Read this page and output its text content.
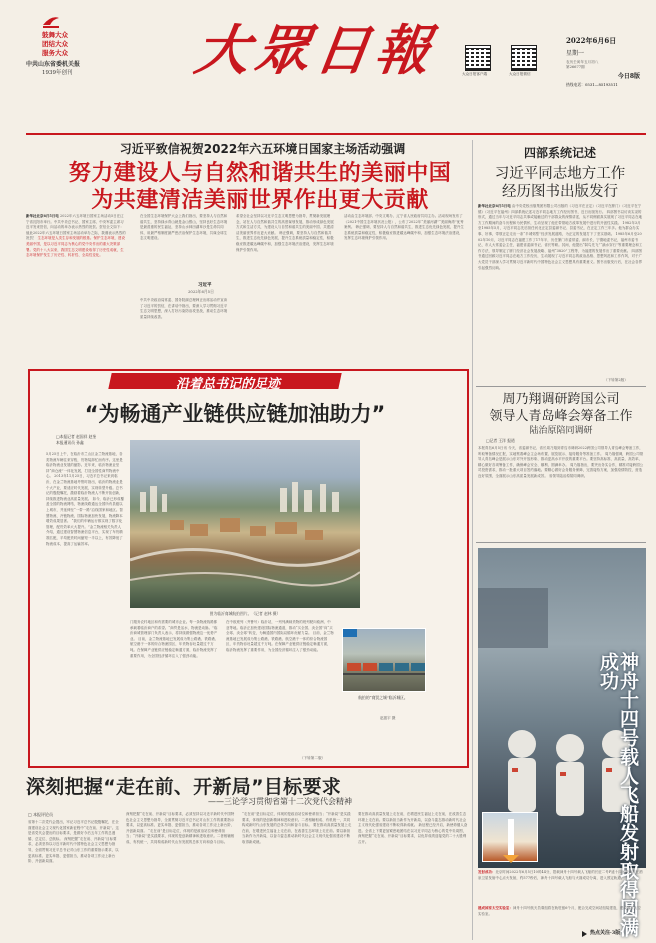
鼓舞大众
团结大众
服务大众
中共山东省委机关报
1939年创刊 大眾日報	大众日报客户端	大众日报微信
2022年6月6日
星期一
农历壬寅年五月初八
第26677期
今日8版
热线电话：0531—85193511
习近平致信祝贺2022年六五环境日国家主场活动强调
努力建设人与自然和谐共生的美丽中国
为共建清洁美丽世界作出更大贡献
新华社北京6月5日电 2022年六五环境日国家主场活动5日在辽宁省沈阳市举行。中共中央总书记、国家主席、中央军委主席习近平发来贺信，向活动的举办表示热烈的祝贺。贺信全文如下：值此2022年六五环境日国家主场活动举办之际，我谨表示热烈的祝贺！ 生态环境是人类生存和发展的根基。保护生态环境，建设美丽中国，是以习近平同志为核心的党中央作出的重大决策部署。党的十八大以来，我国生态文明建设取得了历史性成就，生态环境保护发生了历史性、转折性、全局性变化。
在全国生态环境保护大会上我们指出，要坚持人与自然和谐共生，坚持绿水青山就是金山银山，坚持良好生态环境是最普惠的民生福祉，坚持山水林田湖草沙是生命共同体，用最严格制度最严密法治保护生态环境，共谋全球生态文明建设。
习近平
2022年6月5日
中共中央政治局常委、国务院副总理韩正出席活动并宣读了习近平的贺信，在讲话中指出，要深入学习贯彻习近平生态文明思想，深入打好污染防治攻坚战，推动生态环境质量持续改善。
希望全社会坚持以习近平生态文明思想为指导，贯彻新发展理念，站在人与自然和谐共生的高度谋划发展，推动形成绿色发展方式和生活方式，为建设人与自然和谐共生的美丽中国、共建清洁美丽世界作出更大贡献。 韩正强调，要坚持人与自然和谐共生，推进生态优先绿色发展，提升生态系统质量和稳定性，积极稳妥推进碳达峰碳中和，加强生态环境法治建设，发挥生态环境保护引领作用。
活动由生态环境部、中央文明办、辽宁省人民政府共同主办。活动现场发布了《2021中国生态环境状况公报》，公布了2022年“美丽河湖”“美丽海湾”优秀案例。 韩正强调，要坚持人与自然和谐共生，推进生态优先绿色发展，提升生态系统质量和稳定性，积极稳妥推进碳达峰碳中和，加强生态环境法治建设，发挥生态环境保护引领作用。
四部系统记述
习近平同志地方工作
经历图书出版发行
新华社北京6月5日电 由中央党校出版集团有限公司出版的《习近平在正定》《习近平在厦门》《习近平在宁德》《习近平在福州》四部系统记述习近平同志地方工作经历图书，近日出版发行。 四部图书以访谈实录的形式，通过当年与习近平同志共事或接触过的干部群众的深情讲述，从不同侧面真实展现了习近平同志在地方工作期间的奋斗历程和为民情怀，生动呈现了他在带领地方改革发展中进行的开创性实践。 1982年3月至1985年5月，习近平同志先后担任河北正定县委副书记、县委书记，在正定工作三年多。他为群众办实事、好事，带领正定走出一条“半城郊型”经济发展道路，为正定的发展打下了坚实基础。 1985年6月至2002年10月，习近平同志在福建工作了17年半，历任厦门市委常委、副市长，宁德地委书记，福州市委书记、市人大常委会主任，福建省委副书记、省长等职。其间，他提出“弱鸟先飞”“滴水穿石”等重要理念和工作方法，领导制定了厦门经济社会发展战略、福州“3820”工程等，为福建的发展作出了重要贡献。 四部图书通过回顾习近平同志在地方工作经历，生动展现了习近平同志的政治品格、思想风范和工作作风，对于广大党员干部深入学习贯彻习近平新时代中国特色社会主义思想具有重要意义。图书出版发行后，在社会各界引起强烈反响。
（下转第2版）
沿着总书记的足迹
“为畅通产业链供应链加油助力”
□本报记者 赵国祥 赵奎
本报通讯员 孙鑫
5月25日上午，在临沂市兰山区金兰物流基地，各类物流车辆往来穿梭，货物装卸忙而有序。这里是临沂物流业发展的缩影。近年来，临沂物流业坚持“商仓流”一体化发展，打造全国性商贸物流中心。 2013年11月25日，习近平总书记来到临沂，在金兰物流基地考察时指出，临沂的物流业是个大产业，要适应时代发展，实现转型升级。总书记的殷殷嘱托，激励着临沂物流人不断开拓创新，持续推进物流业高质量发展。 如今，临沂已形成覆盖全国的物流网络，物流线路通达全国所有县级以上城市，并延伸至“一带一路”沿线国家和地区。智慧物流、冷链物流、国际物流加快发展，物流降本增效成果显著。 “我们的车辆运行都实现了数字化管理，配货效率大大提升。”金兰物流相关负责人介绍，通过建设智慧物流信息平台，实现了车货精准匹配，平均配货时间缩短一半以上，有效降低了物流成本，提高了运输效率。
图为临沂商城航拍图片。（记者 赵林 摄）
门服务农村地区和有需要的城市企业。每一条物流线路都承载着临沂商户的希望。“商贸是活水，物流是动脉。”临沂商城管理部门负责人表示，将持续做强物流这一优势产业。 目前，金兰物流基地已发展成为集公路港、铁路港、航空港于一体的综合物流园区，年货物吞吐量超过千万吨。在保障产业链供应链稳定畅通方面，临沂物流发挥了重要作用，为全国经济循环注入了强劲动能。
在中欧班列（齐鲁号）临沂站，一列列满载货物的班列驶向欧洲、中亚等地。临沂正加快建设国际物流通道，推动“买全国、卖全国”向“买全球、卖全球”转变，为畅通国内国际双循环贡献力量。 目前，金兰物流基地已发展成为集公路港、铁路港、航空港于一体的综合物流园区，年货物吞吐量超过千万吨。在保障产业链供应链稳定畅通方面，临沂物流发挥了重要作用，为全国经济循环注入了强劲动能。
（下转第二版）
航拍的“商贸之城”临沂城区。
赵振宇 摄
周乃翔调研跨国公司
领导人青岛峰会筹备工作
陆治原陪同调研
□记者 王洋 报道
本报青岛6月5日讯 今天，省委副书记、省长周乃翔到青岛市调研2022跨国公司领导人青岛峰会筹备工作，听取筹备情况汇报，实地察看峰会主会场布置、展览展示、接待服务等准备工作。 周乃翔强调，跨国公司领导人青岛峰会是展示山东对外开放形象、推动更高水平开放的重要平台。要坚持高标准、高质量、高效率，精心做好各项筹备工作，确保峰会安全、顺利、圆满举办。 周乃翔指出，要突出务实合作，精准对接跨国公司投资需求，推动一批重大项目签约落地。要精心做好会务服务保障，完善接待方案，加强疫情防控，营造良好氛围，全面展示山东高质量发展新成效。 省领导陆治原陪同调研。
神舟十四号载人飞船发射取得圆满成功
发射成功：北京时间2022年6月5日10时44分，搭载神舟十四号载人飞船的长征二号F遥十四运载火箭在酒泉卫星发射中心点火发射，约577秒后，神舟十四号载人飞船与火箭成功分离，进入预定轨道。
建成国家太空实验室：神舟十四号航天员乘组将在轨驻留6个月，配合完成空间站组装建造，建成国家太空实验室。
热点关注·3版
深刻把握“走在前、开新局”目标要求
——三论学习贯彻省第十二次党代会精神
□ 本报评论员
省第十二次党代会提出，牢记习近平总书记殷殷嘱托，在全面建设社会主义现代化国家新征程中“走在前、开新局”。这是省党代会提出的目标要求，是做好今后五年工作的总遵循、总定位、总航标。 深刻把握“走在前、开新局”目标要求，必须坚持以习近平新时代中国特色社会主义思想为指导，全面贯彻习近平总书记对山东工作的重要指示要求，以更高标准、更实举措、更强担当，推动各项工作迈上新台阶、开创新局面。
深刻把握“走在前、开新局”目标要求，必须坚持以习近平新时代中国特色社会主义思想为指导，全面贯彻习近平总书记对山东工作的重要指示要求，以更高标准、更实举措、更强担当，推动各项工作迈上新台阶、开创新局面。 “走在前”是目标定位，体现的是政治站位和使命担当；“开新局”是实践要求，体现的是创新精神和进取意识。二者相辅相成、有机统一，共同构成新时代山东发展的总体方向和奋斗目标。
“走在前”是目标定位，体现的是政治站位和使命担当；“开新局”是实践要求，体现的是创新精神和进取意识。二者相辅相成、有机统一，共同构成新时代山东发展的总体方向和奋斗目标。 要在推动高质量发展上走在前，在增进民生福祉上走在前，在改善生态环境上走在前。要以新担当新作为开新局，以奋斗姿态推动新时代社会主义现代化强省建设不断取得新成就。
要在推动高质量发展上走在前，在增进民生福祉上走在前，在改善生态环境上走在前。要以新担当新作为开新局，以奋斗姿态推动新时代社会主义现代化强省建设不断取得新成就。 新征程已经开启，新使命催人奋进。全省上下要更加紧密地团结在以习近平同志为核心的党中央周围，深刻把握“走在前、开新局”目标要求，以优异成绩迎接党的二十大胜利召开。
